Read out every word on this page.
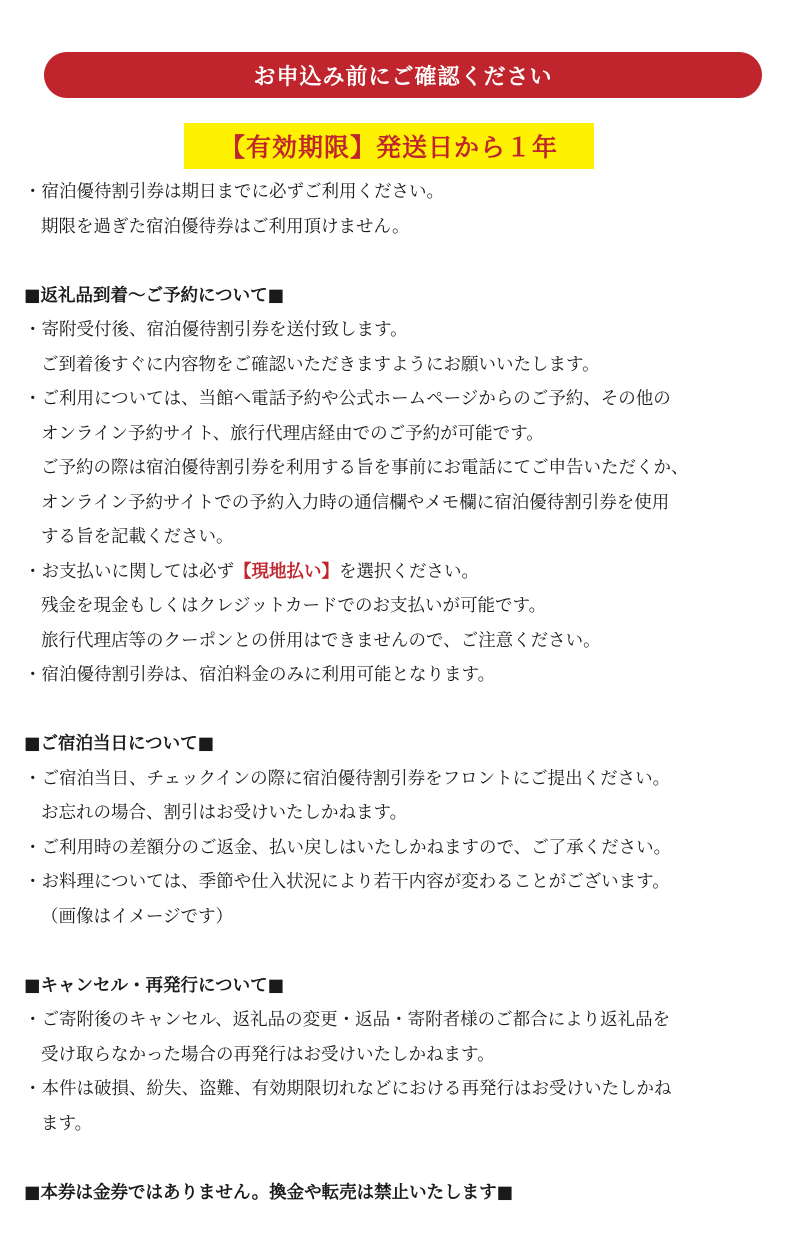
お申込み前にご確認ください
【有効期限】発送日から１年
・宿泊優待割引券は期日までに必ずご利用ください。
期限を過ぎた宿泊優待券はご利用頂けません。
■返礼品到着～ご予約について■
・寄附受付後、宿泊優待割引券を送付致します。
ご到着後すぐに内容物をご確認いただきますようにお願いいたします。
・ご利用については、当館へ電話予約や公式ホームページからのご予約、その他の
オンライン予約サイト、旅行代理店経由でのご予約が可能です。
ご予約の際は宿泊優待割引券を利用する旨を事前にお電話にてご申告いただくか、
オンライン予約サイトでの予約入力時の通信欄やメモ欄に宿泊優待割引券を使用
する旨を記載ください。
・お支払いに関しては必ず【現地払い】を選択ください。
残金を現金もしくはクレジットカードでのお支払いが可能です。
旅行代理店等のクーポンとの併用はできませんので、ご注意ください。
・宿泊優待割引券は、宿泊料金のみに利用可能となります。
■ご宿泊当日について■
・ご宿泊当日、チェックインの際に宿泊優待割引券をフロントにご提出ください。
お忘れの場合、割引はお受けいたしかねます。
・ご利用時の差額分のご返金、払い戻しはいたしかねますので、ご了承ください。
・お料理については、季節や仕入状況により若干内容が変わることがございます。
（画像はイメージです）
■キャンセル・再発行について■
・ご寄附後のキャンセル、返礼品の変更・返品・寄附者様のご都合により返礼品を
受け取らなかった場合の再発行はお受けいたしかねます。
・本件は破損、紛失、盗難、有効期限切れなどにおける再発行はお受けいたしかね
ます。
■本券は金券ではありません。換金や転売は禁止いたします■
